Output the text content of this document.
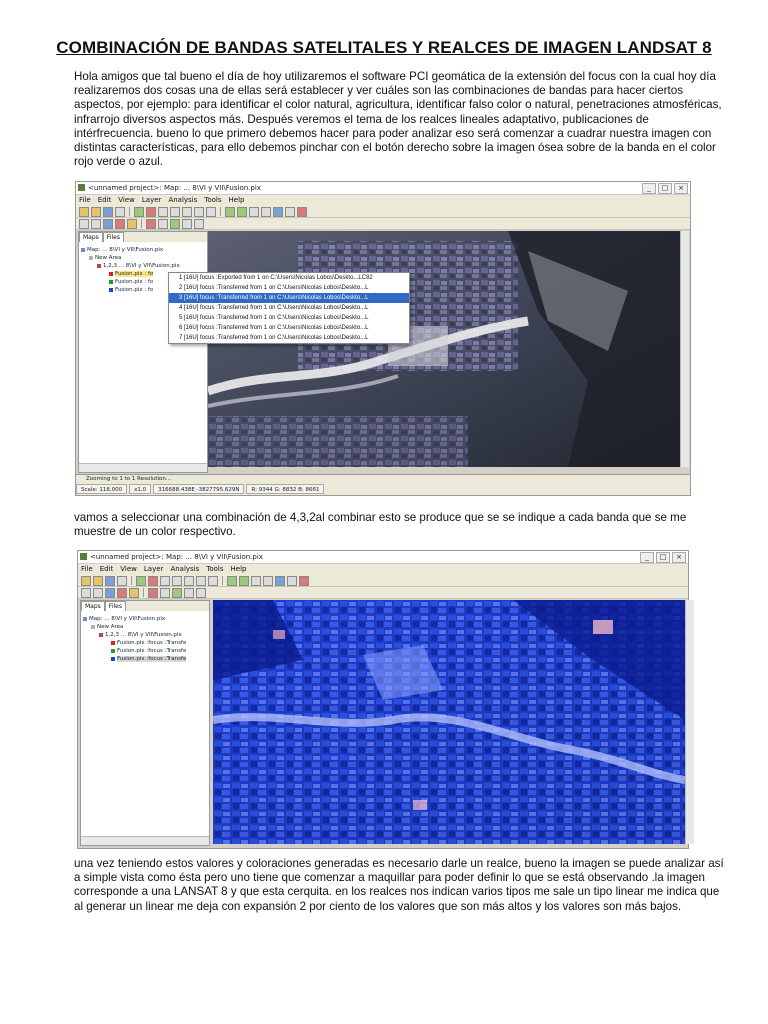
COMBINACIÓN DE BANDAS SATELITALES Y REALCES DE IMAGEN LANDSAT 8
Hola amigos que tal bueno el día de hoy utilizaremos el software PCI geomática de la extensión del focus con la cual hoy día realizaremos dos cosas una de ellas será establecer y ver cuáles son las combinaciones de bandas para hacer ciertos aspectos, por ejemplo: para identificar el color natural, agricultura, identificar falso color o natural, penetraciones atmosféricas, infrarrojo diversos aspectos más. Después veremos el tema de los realces lineales adaptativo, publicaciones de intérfrecuencia. bueno lo que primero debemos hacer para poder analizar eso será comenzar a cuadrar nuestra imagen con distintas características, para ello debemos pinchar con el botón derecho sobre la imagen ósea sobre de la banda en el color rojo verde o azul.
<unnamed project>: Map: ... 8\VI y VII\Fusion.pix	_	□	×
File Edit View Layer Analysis Tools Help
Maps	Files
Map: ... 8\VI y VII\Fusion.pix
New Area
1,2,3 ... 8\VI y VII\Fusion.pix
Fusion.pix : fo
Fusion.pix : fo
Fusion.pix : fo
Zooming to 1 to 1 Resolution...
Scale: 118,000	x1.0	316688.438E -3827795.629N	R: 9344 G: 8832 B: 8661
1 [16U] focus :Exported from 1 on C:\Users\Nicolas Lobos\Deskto...LC82
2 [16U] focus :Transferred from 1 on C:\Users\Nicolas Lobos\Deskto...L
3 [16U] focus :Transferred from 1 on C:\Users\Nicolas Lobos\Deskto...L
4 [16U] focus :Transferred from 1 on C:\Users\Nicolas Lobos\Deskto...L
5 [16U] focus :Transferred from 1 on C:\Users\Nicolas Lobos\Deskto...L
6 [16U] focus :Transferred from 1 on C:\Users\Nicolas Lobos\Deskto...L
7 [16U] focus :Transferred from 1 on C:\Users\Nicolas Lobos\Deskto...L
vamos a seleccionar una combinación de 4,3,2al combinar esto se produce que se se indique a cada banda que se me muestre de un color respectivo.
<unnamed project>: Map: ... 8\VI y VII\Fusion.pix	_	□	×
File Edit View Layer Analysis Tools Help
Maps	Files
Map: ... 8\VI y VII\Fusion.pix
New Area
1,2,3 ... 8\VI y VII\Fusion.pix
Fusion.pix :focus :Transfe
Fusion.pix :focus :Transfe
Fusion.pix :focus :Transfe
una vez teniendo estos valores y coloraciones generadas es necesario darle un realce, bueno la imagen se puede analizar así a simple vista como ésta pero uno tiene que comenzar a maquillar para poder definir lo que se está observando .la imagen corresponde a una LANSAT 8 y que esta cerquita. en los realces nos indican varios tipos me sale un tipo linear me indica que al generar un linear me deja con expansión 2 por ciento de los valores que son más altos y los valores son más bajos.
